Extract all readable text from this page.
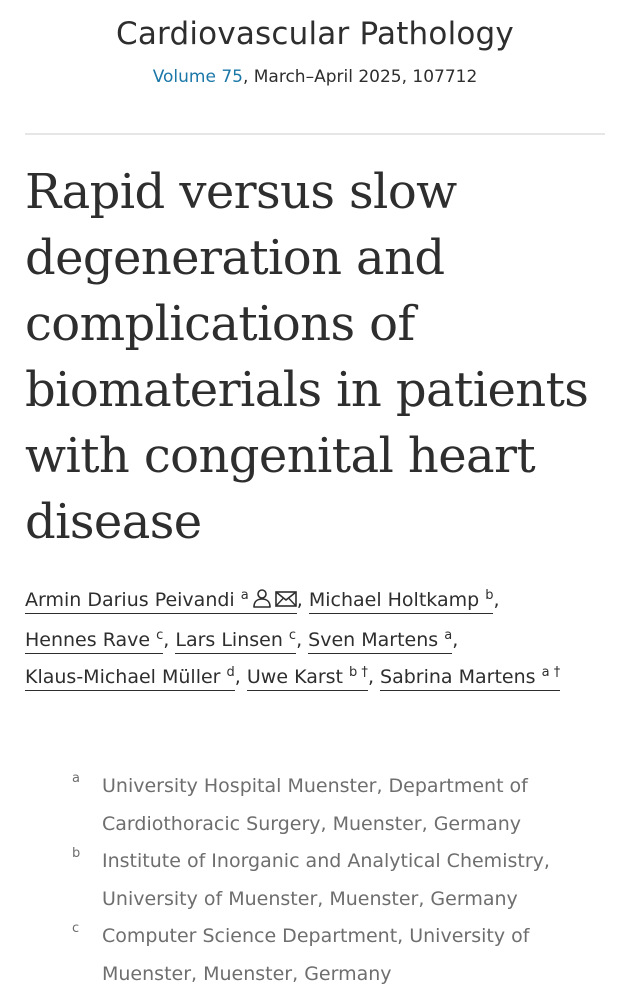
Cardiovascular Pathology
Volume 75, March–April 2025, 107712
Rapid versus slow degeneration and complications of biomaterials in patients with congenital heart disease
Armin Darius Peivandi $^a$	, Michael Holtkamp $^b$, Hennes Rave $^c$, Lars Linsen $^c$, Sven Martens $^a$, Klaus-Michael Müller $^d$, Uwe Karst $^{b \dagger}$, Sabrina Martens $^{a \dagger}$
a	University Hospital Muenster, Department of Cardiothoracic Surgery, Muenster, Germany
b	Institute of Inorganic and Analytical Chemistry, University of Muenster, Muenster, Germany
c	Computer Science Department, University of Muenster, Muenster, Germany
